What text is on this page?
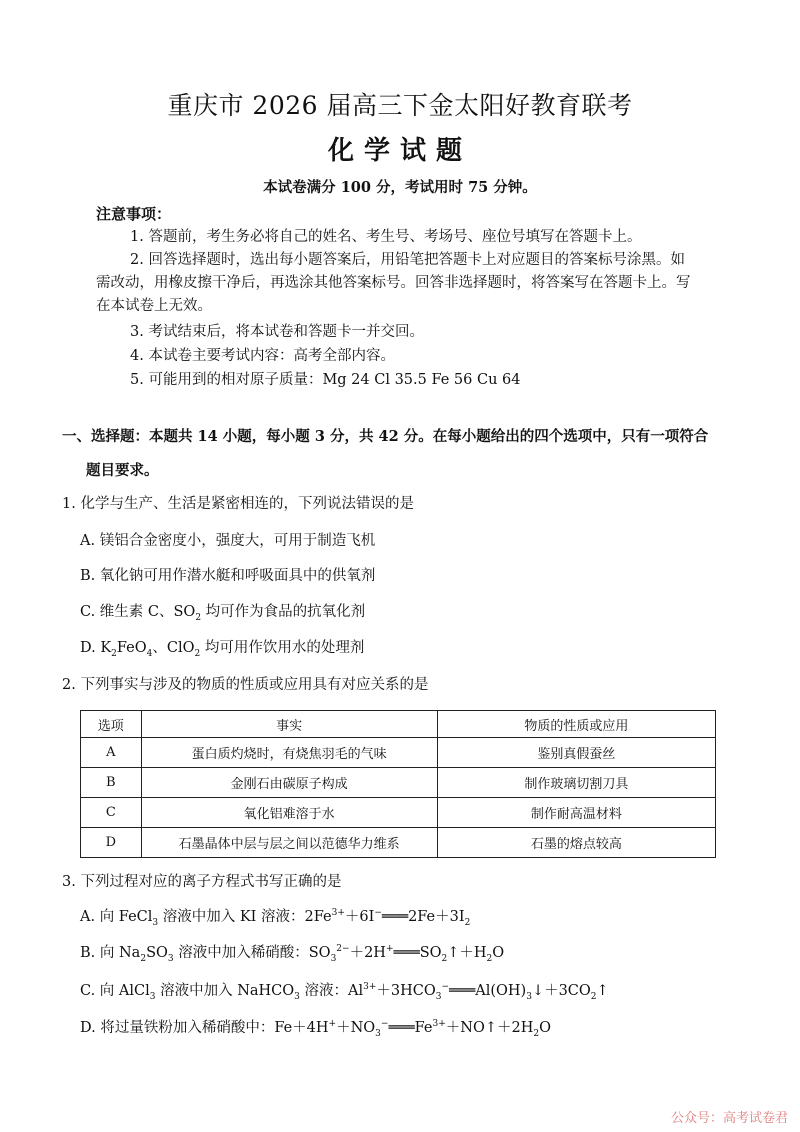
重庆市 2026 届高三下金太阳好教育联考
化学试题
本试卷满分 100 分，考试用时 75 分钟。
注意事项：
1. 答题前，考生务必将自己的姓名、考生号、考场号、座位号填写在答题卡上。
2. 回答选择题时，选出每小题答案后，用铅笔把答题卡上对应题目的答案标号涂黑。如需改动，用橡皮擦干净后，再选涂其他答案标号。回答非选择题时，将答案写在答题卡上。写在本试卷上无效。
3. 考试结束后，将本试卷和答题卡一并交回。
4. 本试卷主要考试内容：高考全部内容。
5. 可能用到的相对原子质量：Mg 24 Cl 35.5 Fe 56 Cu 64
一、选择题：本题共 14 小题，每小题 3 分，共 42 分。在每小题给出的四个选项中，只有一项符合
题目要求。
1. 化学与生产、生活是紧密相连的，下列说法错误的是
A. 镁铝合金密度小，强度大，可用于制造飞机
B. 氧化钠可用作潜水艇和呼吸面具中的供氧剂
C. 维生素 C、$SO_2$ 均可作为食品的抗氧化剂
D. $K_2FeO_4$、ClO$_2$ 均可用作饮用水的处理剂
2. 下列事实与涉及的物质的性质或应用具有对应关系的是
选项	事实	物质的性质或应用
A	蛋白质灼烧时，有烧焦羽毛的气味	鉴别真假蚕丝
B	金刚石由碳原子构成	制作玻璃切割刀具
C	氧化铝难溶于水	制作耐高温材料
D	石墨晶体中层与层之间以范德华力维系	石墨的熔点较高
3. 下列过程对应的离子方程式书写正确的是
A. 向 FeCl$_3$ 溶液中加入 KI 溶液：$2Fe^{3+}+6I^-═══2Fe+3I_2$
B. 向 $Na_2SO_3$ 溶液中加入稀硝酸：$SO_3^{2-}+2H^+═══SO_2↑+H_2O$
C. 向 AlCl$_3$ 溶液中加入 NaHCO$_3$ 溶液：$Al^{3+}+3HCO_3^-═══Al(OH)_3↓+3CO_2↑$
D. 将过量铁粉加入稀硝酸中：$Fe+4H^++NO_3^-═══Fe^{3+}+NO↑+2H_2O$
公众号：高考试卷君
